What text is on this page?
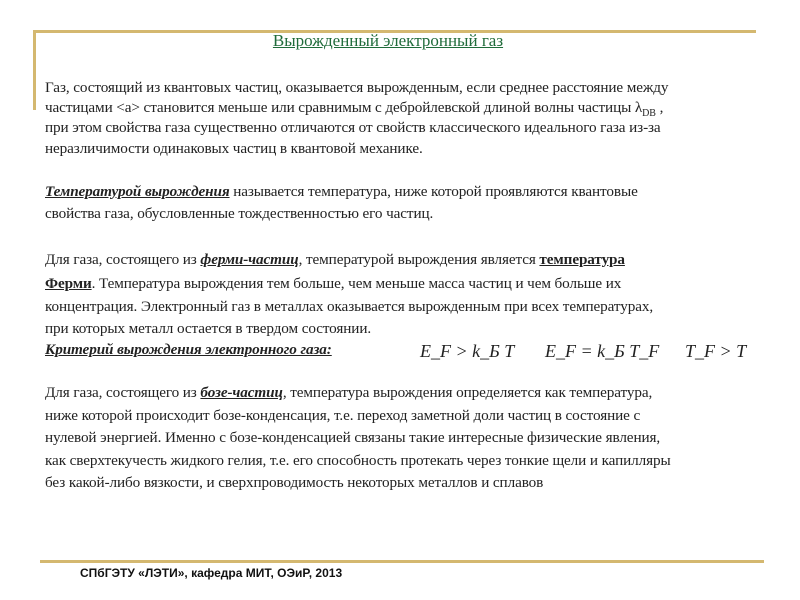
Вырожденный электронный газ
Газ, состоящий из квантовых частиц, оказывается вырожденным, если среднее расстояние между
частицами <a> становится меньше или сравнимым с дебройлевской длиной волны частицы $\lambda_{DB}$ ,
при этом свойства газа существенно отличаются от свойств классического идеального газа из-за
неразличимости одинаковых частиц в квантовой механике.
Температурой вырождения называется температура, ниже которой проявляются квантовые
свойства газа, обусловленные тождественностью его частиц.
Для газа, состоящего из ферми-частиц, температурой вырождения является температура
Ферми. Температура вырождения тем больше, чем меньше масса частиц и чем больше их
концентрация. Электронный газ в металлах оказывается вырожденным при всех температурах,
при которых металл остается в твердом состоянии.
Критерий вырождения электронного газа:	E_F > k_Б T E_F = k_Б T_F T_F > T
Для газа, состоящего из бозе-частиц, температура вырождения определяется как температура,
ниже которой происходит бозе-конденсация, т.е. переход заметной доли частиц в состояние с
нулевой энергией. Именно с бозе-конденсацией связаны такие интересные физические явления,
как сверхтекучесть жидкого гелия, т.е. его способность протекать через тонкие щели и капилляры
без какой-либо вязкости, и сверхпроводимость некоторых металлов и сплавов
СПбГЭТУ «ЛЭТИ», кафедра МИТ, ОЭиР, 2013
